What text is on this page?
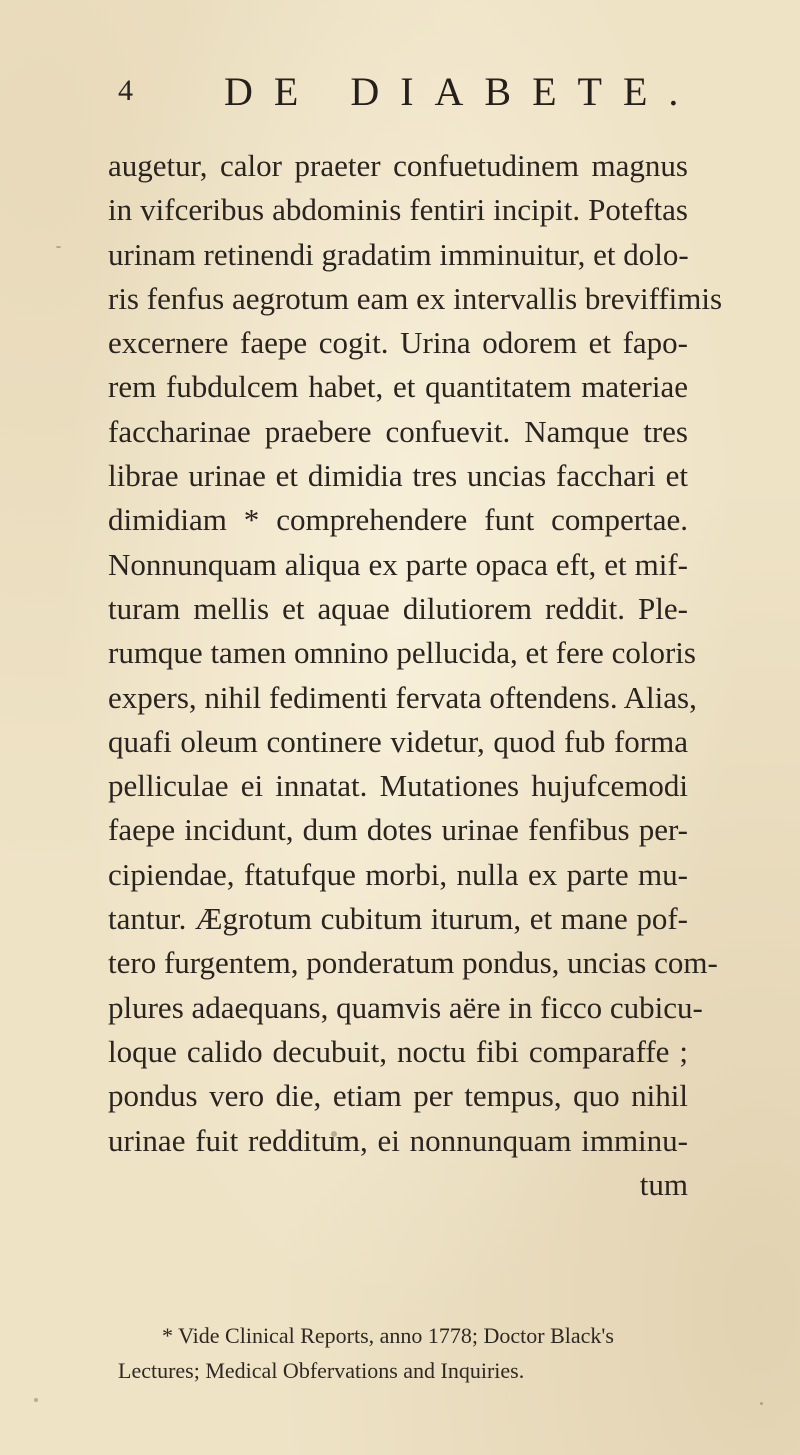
4 DE DIABETE.
augetur, calor praeter confuetudinem magnus
in vifceribus abdominis fentiri incipit. Poteftas
urinam retinendi gradatim imminuitur, et dolo-
ris fenfus aegrotum eam ex intervallis breviffimis
excernere faepe cogit. Urina odorem et fapo-
rem fubdulcem habet, et quantitatem materiae
faccharinae praebere confuevit. Namque tres
librae urinae et dimidia tres uncias facchari et
dimidiam * comprehendere funt compertae.
Nonnunquam aliqua ex parte opaca eft, et mif-
turam mellis et aquae dilutiorem reddit. Ple-
rumque tamen omnino pellucida, et fere coloris
expers, nihil fedimenti fervata oftendens. Alias,
quafi oleum continere videtur, quod fub forma
pelliculae ei innatat. Mutationes hujufcemodi
faepe incidunt, dum dotes urinae fenfibus per-
cipiendae, ftatufque morbi, nulla ex parte mu-
tantur. Ægrotum cubitum iturum, et mane pof-
tero furgentem, ponderatum pondus, uncias com-
plures adaequans, quamvis aëre in ficco cubicu-
loque calido decubuit, noctu fibi comparaffe ;
pondus vero die, etiam per tempus, quo nihil
urinae fuit redditum, ei nonnunquam imminu-
tum
* Vide Clinical Reports, anno 1778; Doctor Black's
Lectures; Medical Obfervations and Inquiries.
